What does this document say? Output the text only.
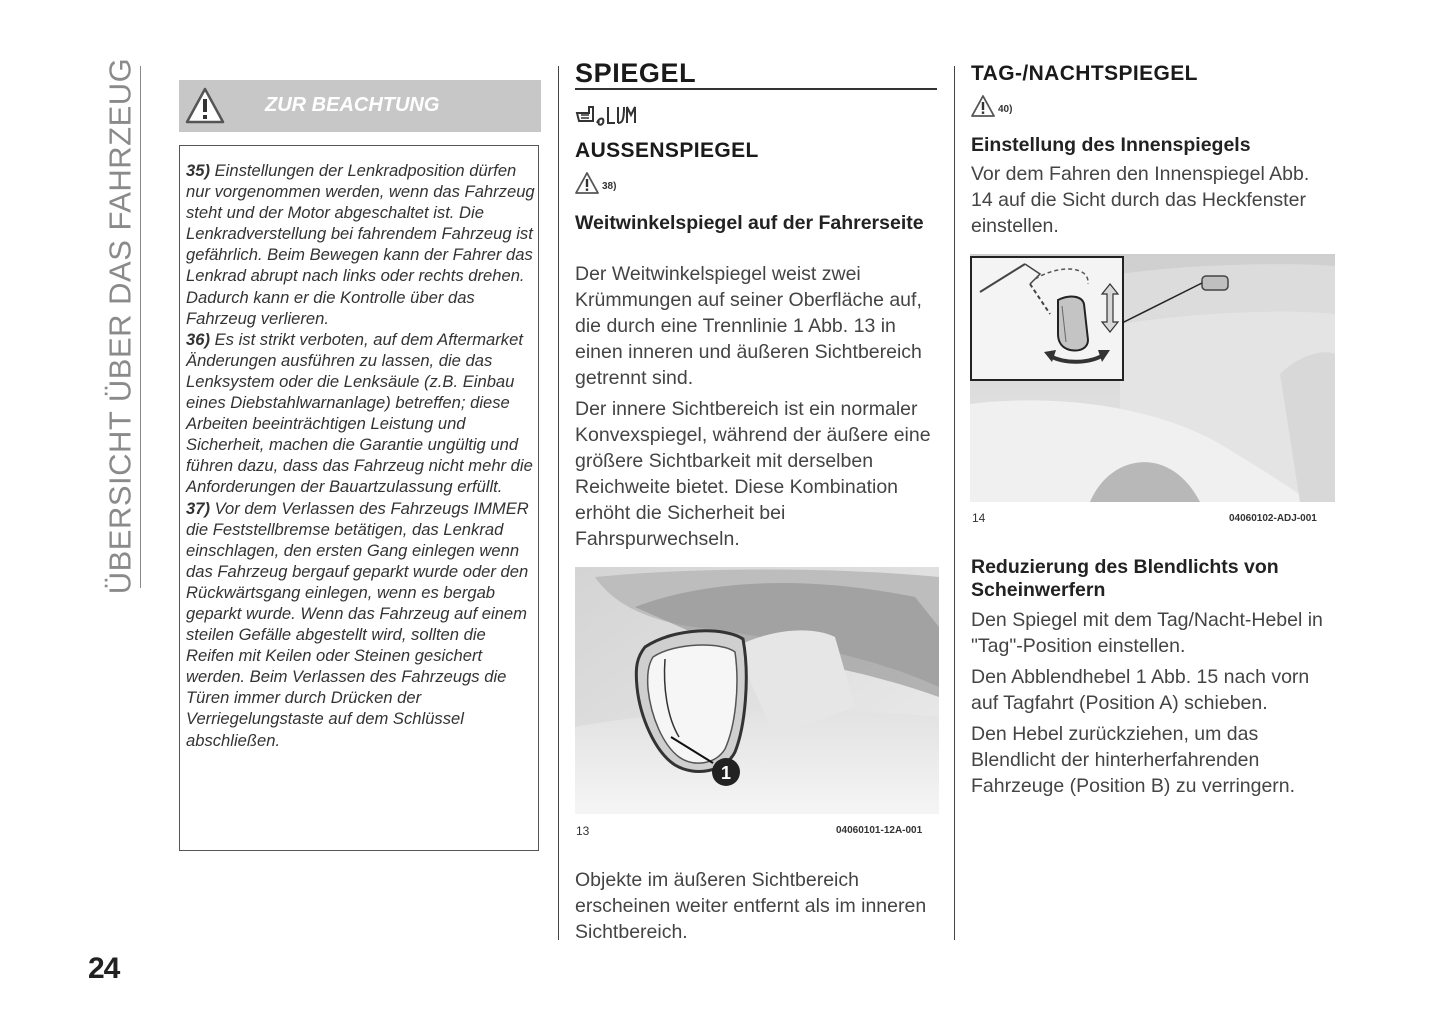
ÜBERSICHT ÜBER DAS FAHRZEUG
24
ZUR BEACHTUNG

35) Einstellungen der Lenkradposition dürfen nur vorgenommen werden, wenn das Fahrzeug steht und der Motor abgeschaltet ist. Die Lenkradverstellung bei fahrendem Fahrzeug ist gefährlich. Beim Bewegen kann der Fahrer das Lenkrad abrupt nach links oder rechts drehen. Dadurch kann er die Kontrolle über das Fahrzeug verlieren.

36) Es ist strikt verboten, auf dem Aftermarket Änderungen ausführen zu lassen, die das Lenksystem oder die Lenksäule (z.B. Einbau eines Diebstahlwarnanlage) betreffen; diese Arbeiten beeinträchtigen Leistung und Sicherheit, machen die Garantie ungültig und führen dazu, dass das Fahrzeug nicht mehr die Anforderungen der Bauartzulassung erfüllt.

37) Vor dem Verlassen des Fahrzeugs IMMER die Feststellbremse betätigen, das Lenkrad einschlagen, den ersten Gang einlegen wenn das Fahrzeug bergauf geparkt wurde oder den Rückwärtsgang einlegen, wenn es bergab geparkt wurde. Wenn das Fahrzeug auf einem steilen Gefälle abgestellt wird, sollten die Reifen mit Keilen oder Steinen gesichert werden. Beim Verlassen des Fahrzeugs die Türen immer durch Drücken der Verriegelungstaste auf dem Schlüssel abschließen.

SPIEGEL
AUSSENSPIEGEL
38)
Weitwinkelspiegel auf der Fahrerseite

Der Weitwinkelspiegel weist zwei Krümmungen auf seiner Oberfläche auf, die durch eine Trennlinie 1 Abb. 13 in einen inneren und äußeren Sichtbereich getrennt sind.

Der innere Sichtbereich ist ein normaler Konvexspiegel, während der äußere eine größere Sichtbarkeit mit derselben Reichweite bietet. Diese Kombination erhöht die Sicherheit bei Fahrspurwechseln.

1
13	04060101-12A-001

Objekte im äußeren Sichtbereich erscheinen weiter entfernt als im inneren Sichtbereich.

TAG-/NACHTSPIEGEL
40)
Einstellung des Innenspiegels

Vor dem Fahren den Innenspiegel Abb. 14 auf die Sicht durch das Heckfenster einstellen.

14	04060102-ADJ-001
Reduzierung des Blendlichts von Scheinwerfern

Den Spiegel mit dem Tag/Nacht-Hebel in "Tag"-Position einstellen.

Den Abblendhebel 1 Abb. 15 nach vorn auf Tagfahrt (Position A) schieben.

Den Hebel zurückziehen, um das Blendlicht der hinterherfahrenden Fahrzeuge (Position B) zu verringern.
